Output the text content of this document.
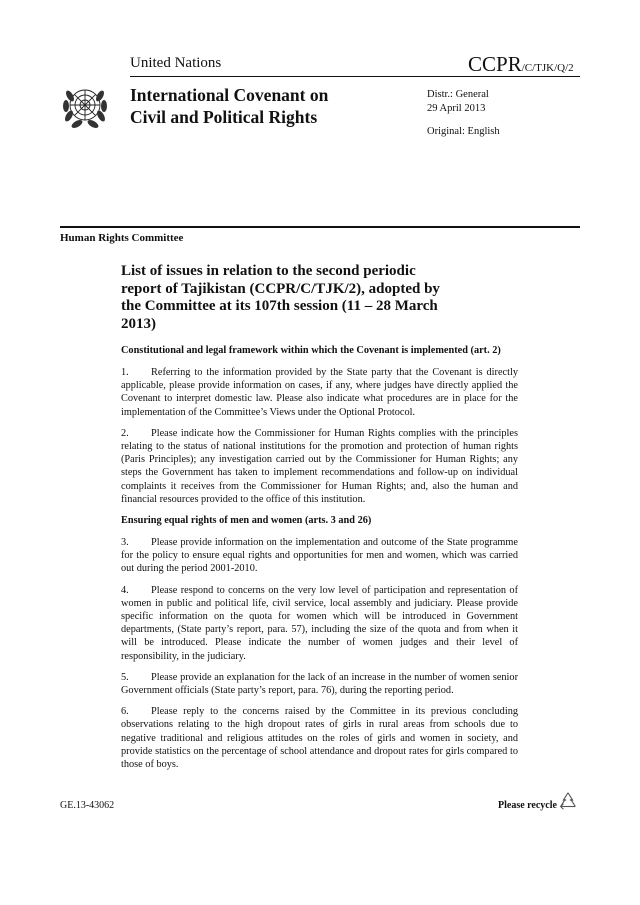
United Nations	CCPR/C/TJK/Q/2
International Covenant on
Civil and Political Rights
Distr.: General
29 April 2013
Original: English
Human Rights Committee
List of issues in relation to the second periodic report of Tajikistan (CCPR/C/TJK/2), adopted by the Committee at its 107th session (11 – 28 March 2013)
Constitutional and legal framework within which the Covenant is implemented (art. 2)

1. Referring to the information provided by the State party that the Covenant is directly applicable, please provide information on cases, if any, where judges have directly applied the Covenant to interpret domestic law. Please also indicate what procedures are in place for the implementation of the Committee’s Views under the Optional Protocol.

2. Please indicate how the Commissioner for Human Rights complies with the principles relating to the status of national institutions for the promotion and protection of human rights (Paris Principles); any investigation carried out by the Commissioner for Human Rights; any steps the Government has taken to implement recommendations and follow-up on individual complaints it receives from the Commissioner for Human Rights; and, also the human and financial resources provided to the office of this institution.

Ensuring equal rights of men and women (arts. 3 and 26)

3. Please provide information on the implementation and outcome of the State programme for the policy to ensure equal rights and opportunities for men and women, which was carried out during the period 2001-2010.

4. Please respond to concerns on the very low level of participation and representation of women in public and political life, civil service, local assembly and judiciary. Please provide specific information on the quota for women which will be introduced in Government departments, (State party’s report, para. 57), including the size of the quota and from when it will be introduced. Please indicate the number of women judges and their level of responsibility, in the judiciary.

5. Please provide an explanation for the lack of an increase in the number of women senior Government officials (State party’s report, para. 76), during the reporting period.

6. Please reply to the concerns raised by the Committee in its previous concluding observations relating to the high dropout rates of girls in rural areas from schools due to negative traditional and religious attitudes on the roles of girls and women in society, and provide statistics on the percentage of school attendance and dropout rates for girls compared to those of boys.

GE.13-43062	Please recycle
